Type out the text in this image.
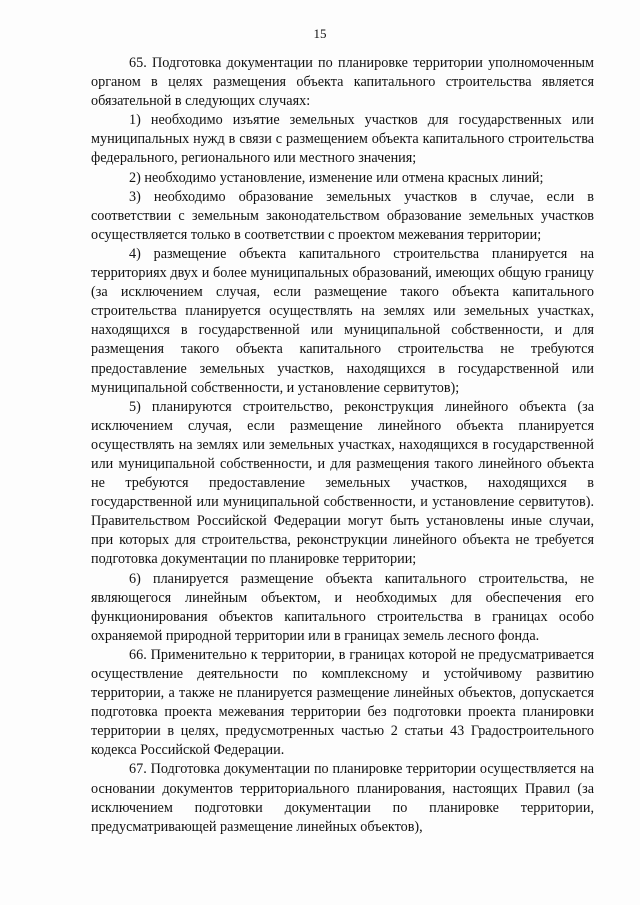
15

65. Подготовка документации по планировке территории уполномоченным органом в целях размещения объекта капитального строительства является обязательной в следующих случаях:

1) необходимо изъятие земельных участков для государственных или муниципальных нужд в связи с размещением объекта капитального строительства федерального, регионального или местного значения;

2) необходимо установление, изменение или отмена красных линий;

3) необходимо образование земельных участков в случае, если в соответствии с земельным законодательством образование земельных участков осуществляется только в соответствии с проектом межевания территории;

4) размещение объекта капитального строительства планируется на территориях двух и более муниципальных образований, имеющих общую границу (за исключением случая, если размещение такого объекта капитального строительства планируется осуществлять на землях или земельных участках, находящихся в государственной или муниципальной собственности, и для размещения такого объекта капитального строительства не требуются предоставление земельных участков, находящихся в государственной или муниципальной собственности, и установление сервитутов);

5) планируются строительство, реконструкция линейного объекта (за исключением случая, если размещение линейного объекта планируется осуществлять на землях или земельных участках, находящихся в государственной или муниципальной собственности, и для размещения такого линейного объекта не требуются предоставление земельных участков, находящихся в государственной или муниципальной собственности, и установление сервитутов). Правительством Российской Федерации могут быть установлены иные случаи, при которых для строительства, реконструкции линейного объекта не требуется подготовка документации по планировке территории;

6) планируется размещение объекта капитального строительства, не являющегося линейным объектом, и необходимых для обеспечения его функционирования объектов капитального строительства в границах особо охраняемой природной территории или в границах земель лесного фонда.

66. Применительно к территории, в границах которой не предусматривается осуществление деятельности по комплексному и устойчивому развитию территории, а также не планируется размещение линейных объектов, допускается подготовка проекта межевания территории без подготовки проекта планировки территории в целях, предусмотренных частью 2 статьи 43 Градостроительного кодекса Российской Федерации.

67. Подготовка документации по планировке территории осуществляется на основании документов территориального планирования, настоящих Правил (за исключением подготовки документации по планировке территории, предусматривающей размещение линейных объектов),
